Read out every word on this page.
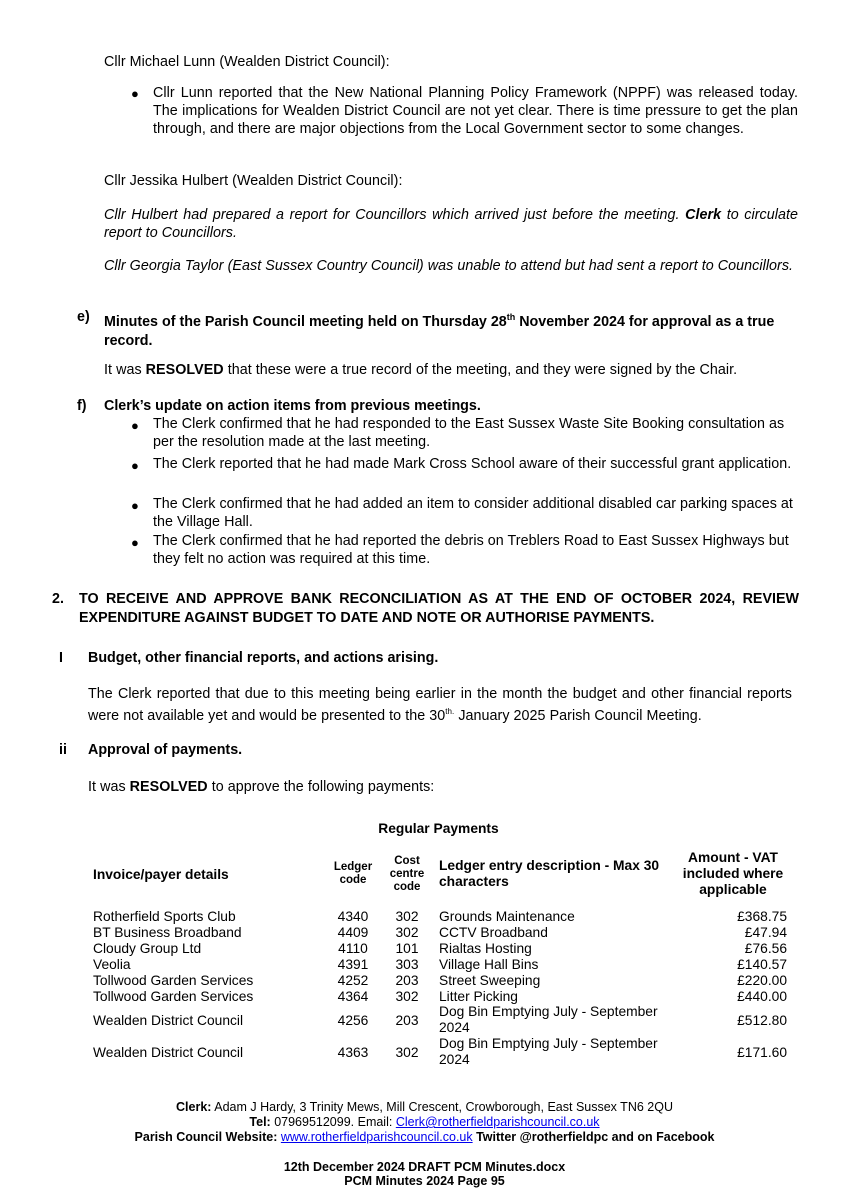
Cllr Michael Lunn (Wealden District Council):
● Cllr Lunn reported that the New National Planning Policy Framework (NPPF) was released today. The implications for Wealden District Council are not yet clear. There is time pressure to get the plan through, and there are major objections from the Local Government sector to some changes.
Cllr Jessika Hulbert (Wealden District Council):
Cllr Hulbert had prepared a report for Councillors which arrived just before the meeting. Clerk to circulate report to Councillors.
Cllr Georgia Taylor (East Sussex Country Council) was unable to attend but had sent a report to Councillors.
e) Minutes of the Parish Council meeting held on Thursday 28th November 2024 for approval as a true record.
It was RESOLVED that these were a true record of the meeting, and they were signed by the Chair.
f) Clerk’s update on action items from previous meetings.
● The Clerk confirmed that he had responded to the East Sussex Waste Site Booking consultation as per the resolution made at the last meeting.
● The Clerk reported that he had made Mark Cross School aware of their successful grant application.
● The Clerk confirmed that he had added an item to consider additional disabled car parking spaces at the Village Hall.
● The Clerk confirmed that he had reported the debris on Treblers Road to East Sussex Highways but they felt no action was required at this time.
2. TO RECEIVE AND APPROVE BANK RECONCILIATION AS AT THE END OF OCTOBER 2024, REVIEW EXPENDITURE AGAINST BUDGET TO DATE AND NOTE OR AUTHORISE PAYMENTS.
I Budget, other financial reports, and actions arising.
The Clerk reported that due to this meeting being earlier in the month the budget and other financial reports were not available yet and would be presented to the $30^{th.}$ January 2025 Parish Council Meeting.
ii Approval of payments.
It was RESOLVED to approve the following payments:
Regular Payments
Invoice/payer details	Ledger code	Cost centre code	Ledger entry description - Max 30 characters	Amount - VAT included where applicable
Rotherfield Sports Club	4340	302	Grounds Maintenance	£368.75
BT Business Broadband	4409	302	CCTV Broadband	£47.94
Cloudy Group Ltd	4110	101	Rialtas Hosting	£76.56
Veolia	4391	303	Village Hall Bins	£140.57
Tollwood Garden Services	4252	203	Street Sweeping	£220.00
Tollwood Garden Services	4364	302	Litter Picking	£440.00
Wealden District Council	4256	203	Dog Bin Emptying July - September 2024	£512.80
Wealden District Council	4363	302	Dog Bin Emptying July - September 2024	£171.60
Clerk: Adam J Hardy, 3 Trinity Mews, Mill Crescent, Crowborough, East Sussex TN6 2QU
Tel: 07969512099. Email: Clerk@rotherfieldparishcouncil.co.uk
Parish Council Website: www.rotherfieldparishcouncil.co.uk Twitter @rotherfieldpc and on Facebook
12th December 2024 DRAFT PCM Minutes.docx
PCM Minutes 2024 Page 95
